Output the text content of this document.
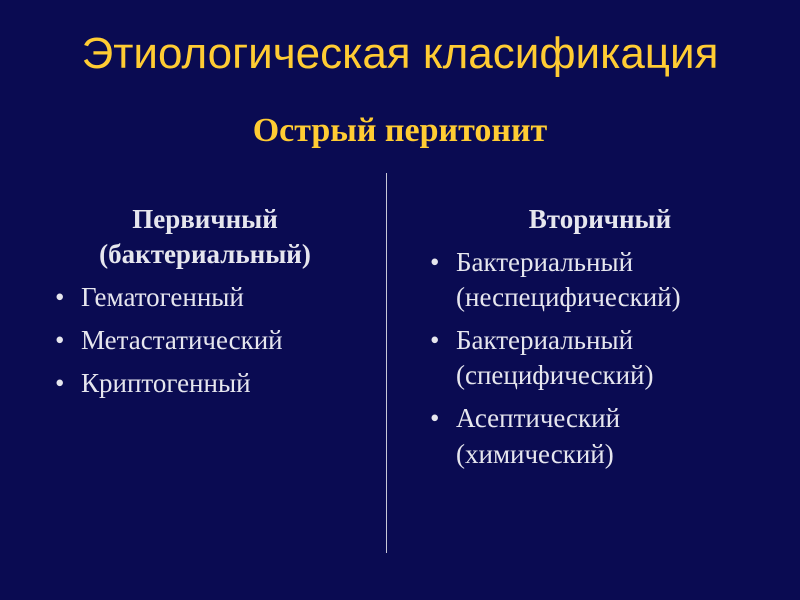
Этиологическая класификация
Острый перитонит
Первичный
(бактериальный)
• Гематогенный
• Метастатический
• Криптогенный
Вторичный
• Бактериальный
(неспецифический)
• Бактериальный
(специфический)
• Асептический
(химический)
